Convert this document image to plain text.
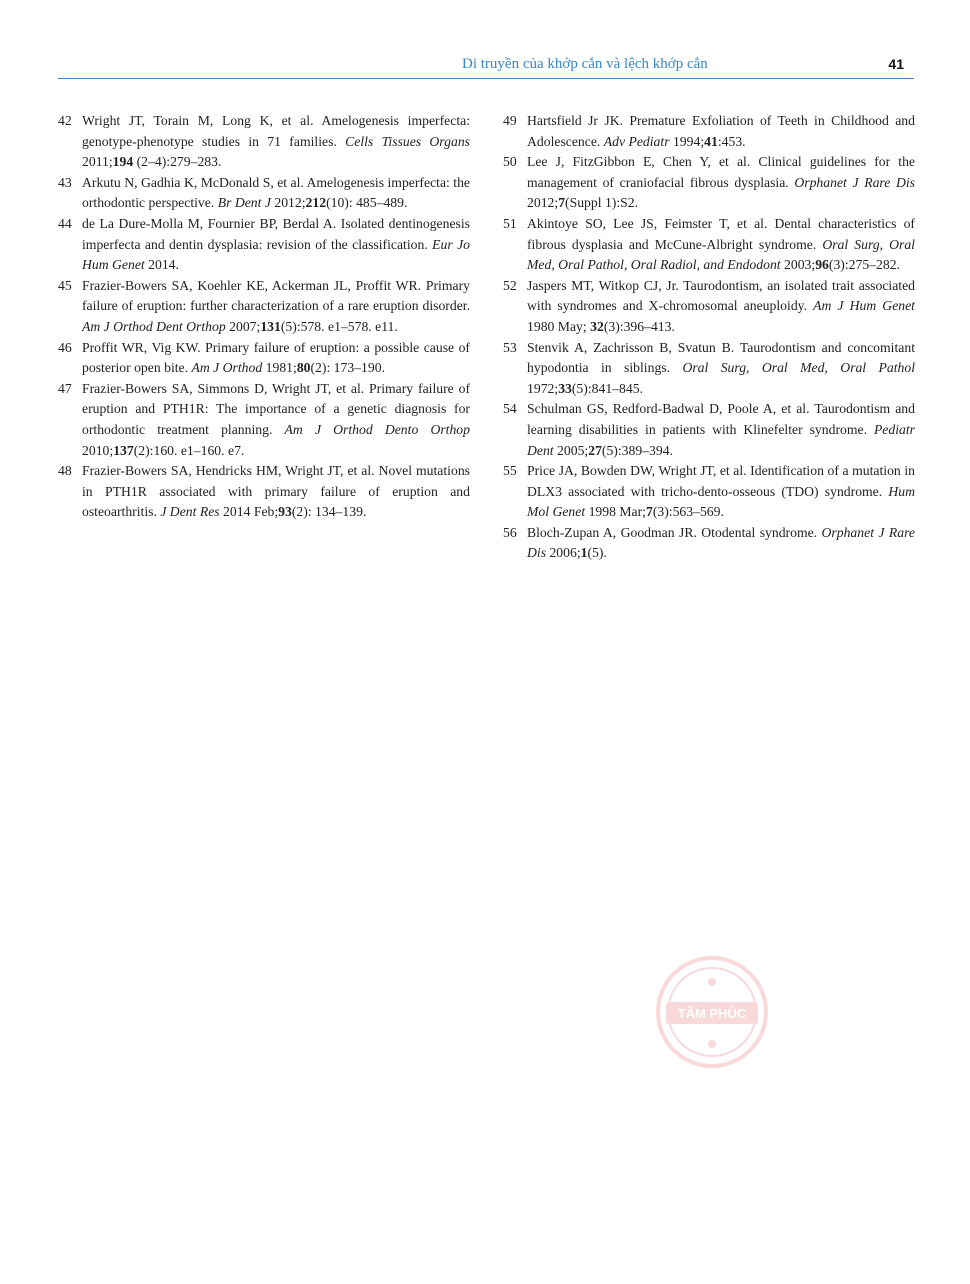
Di truyền của khớp cắn và lệch khớp cắn	41
42 Wright JT, Torain M, Long K, et al. Amelogenesis imperfecta: genotype-phenotype studies in 71 families. Cells Tissues Organs 2011;194 (2–4):279–283.
43 Arkutu N, Gadhia K, McDonald S, et al. Amelogenesis imperfecta: the orthodontic perspective. Br Dent J 2012;212(10): 485–489.
44 de La Dure-Molla M, Fournier BP, Berdal A. Isolated dentinogenesis imperfecta and dentin dysplasia: revision of the classification. Eur Jo Hum Genet 2014.
45 Frazier-Bowers SA, Koehler KE, Ackerman JL, Proffit WR. Primary failure of eruption: further characterization of a rare eruption disorder. Am J Orthod Dent Orthop 2007;131(5):578. e1–578. e11.
46 Proffit WR, Vig KW. Primary failure of eruption: a possible cause of posterior open bite. Am J Orthod 1981;80(2): 173–190.
47 Frazier-Bowers SA, Simmons D, Wright JT, et al. Primary failure of eruption and PTH1R: The importance of a genetic diagnosis for orthodontic treatment planning. Am J Orthod Dento Orthop 2010;137(2):160. e1–160. e7.
48 Frazier-Bowers SA, Hendricks HM, Wright JT, et al. Novel mutations in PTH1R associated with primary failure of eruption and osteoarthritis. J Dent Res 2014 Feb;93(2): 134–139.
49 Hartsfield Jr JK. Premature Exfoliation of Teeth in Childhood and Adolescence. Adv Pediatr 1994;41:453.
50 Lee J, FitzGibbon E, Chen Y, et al. Clinical guidelines for the management of craniofacial fibrous dysplasia. Orphanet J Rare Dis 2012;7(Suppl 1):S2.
51 Akintoye SO, Lee JS, Feimster T, et al. Dental characteristics of fibrous dysplasia and McCune-Albright syndrome. Oral Surg, Oral Med, Oral Pathol, Oral Radiol, and Endodont 2003;96(3):275–282.
52 Jaspers MT, Witkop CJ, Jr. Taurodontism, an isolated trait associated with syndromes and X-chromosomal aneuploidy. Am J Hum Genet 1980 May; 32(3):396–413.
53 Stenvik A, Zachrisson B, Svatun B. Taurodontism and concomitant hypodontia in siblings. Oral Surg, Oral Med, Oral Pathol 1972;33(5):841–845.
54 Schulman GS, Redford-Badwal D, Poole A, et al. Taurodontism and learning disabilities in patients with Klinefelter syndrome. Pediatr Dent 2005;27(5):389–394.
55 Price JA, Bowden DW, Wright JT, et al. Identification of a mutation in DLX3 associated with tricho-dento-osseous (TDO) syndrome. Hum Mol Genet 1998 Mar;7(3):563–569.
56 Bloch-Zupan A, Goodman JR. Otodental syndrome. Orphanet J Rare Dis 2006;1(5).
TÂM PHÚC
